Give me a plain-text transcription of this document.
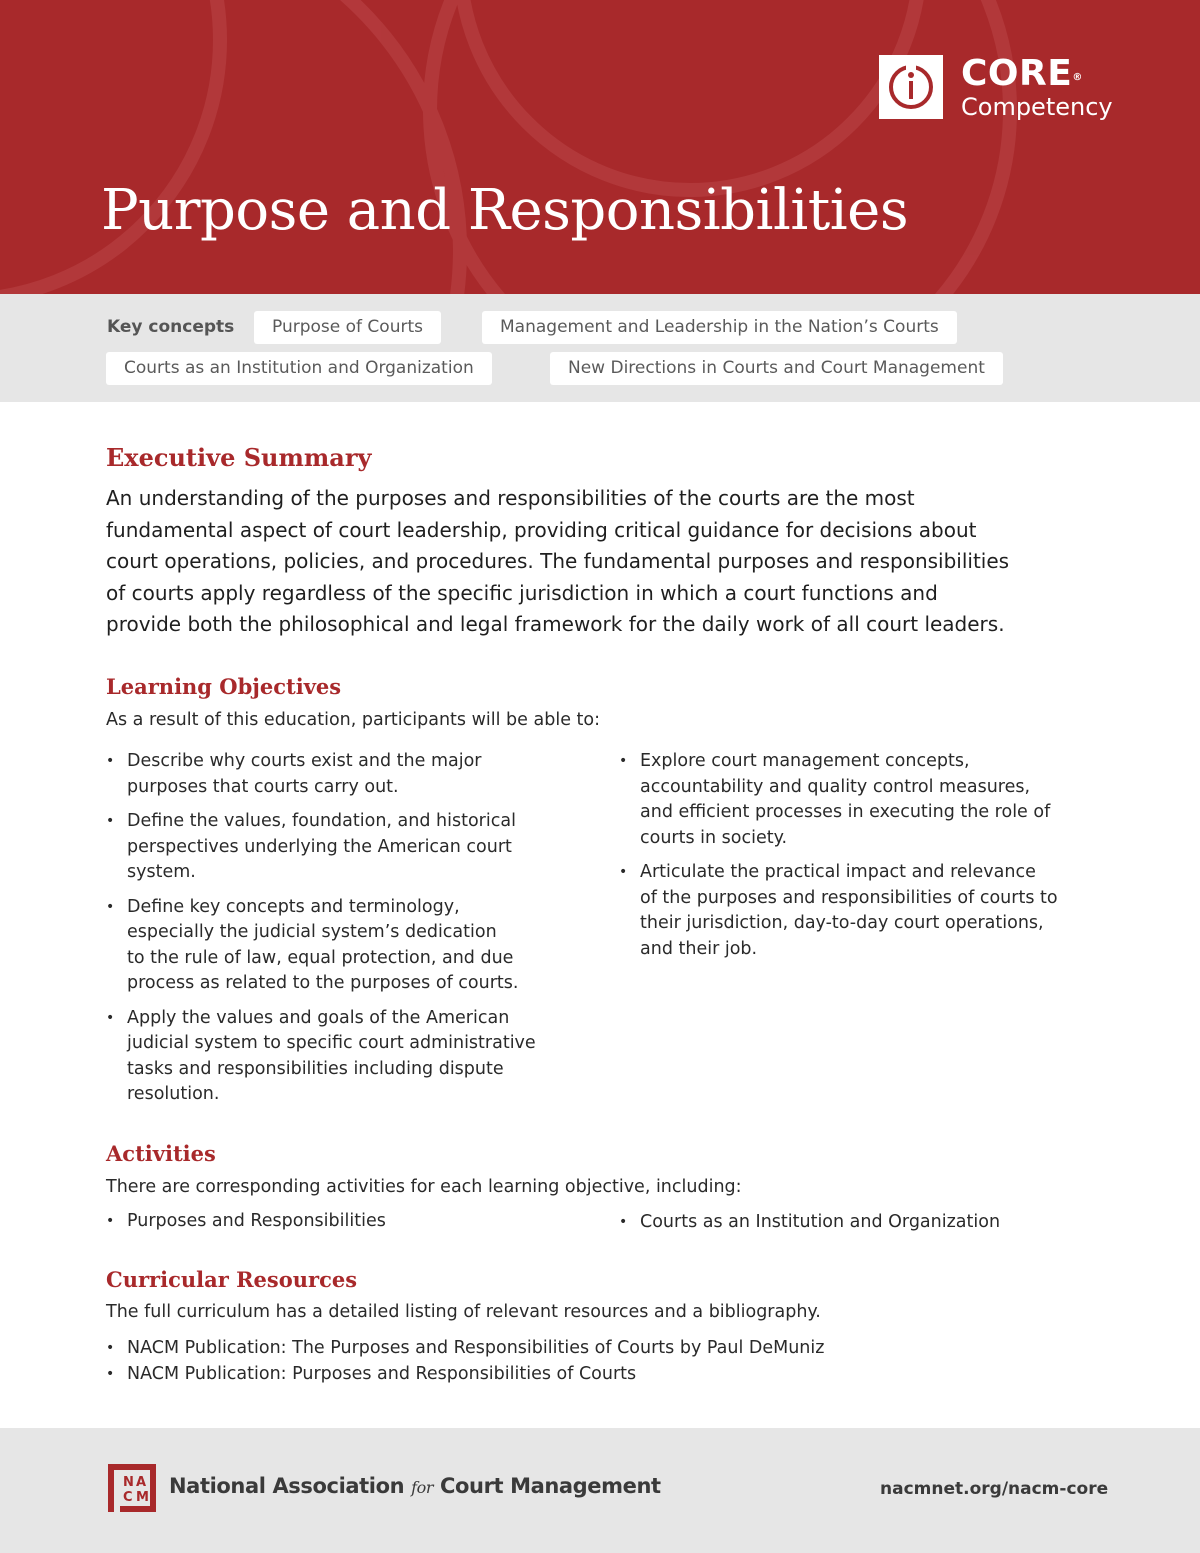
CORE®
Competency
Purpose and Responsibilities
Key concepts	Purpose of Courts	Management and Leadership in the Nation’s Courts
Courts as an Institution and Organization	New Directions in Courts and Court Management
Executive Summary
An understanding of the purposes and responsibilities of the courts are the most
fundamental aspect of court leadership, providing critical guidance for decisions about
court operations, policies, and procedures. The fundamental purposes and responsibilities
of courts apply regardless of the specific jurisdiction in which a court functions and
provide both the philosophical and legal framework for the daily work of all court leaders.
Learning Objectives
As a result of this education, participants will be able to:
• Describe why courts exist and the major
purposes that courts carry out.
• Define the values, foundation, and historical
perspectives underlying the American court
system.
• Define key concepts and terminology,
especially the judicial system’s dedication
to the rule of law, equal protection, and due
process as related to the purposes of courts.
• Apply the values and goals of the American
judicial system to specific court administrative
tasks and responsibilities including dispute
resolution.
• Explore court management concepts,
accountability and quality control measures,
and efficient processes in executing the role of
courts in society.
• Articulate the practical impact and relevance
of the purposes and responsibilities of courts to
their jurisdiction, day-to-day court operations,
and their job.
Activities
There are corresponding activities for each learning objective, including:
• Purposes and Responsibilities	• Courts as an Institution and Organization
Curricular Resources
The full curriculum has a detailed listing of relevant resources and a bibliography.
• NACM Publication: The Purposes and Responsibilities of Courts by Paul DeMuniz
• NACM Publication: Purposes and Responsibilities of Courts
N A
C M National Association for Court Management	nacmnet.org/nacm-core
